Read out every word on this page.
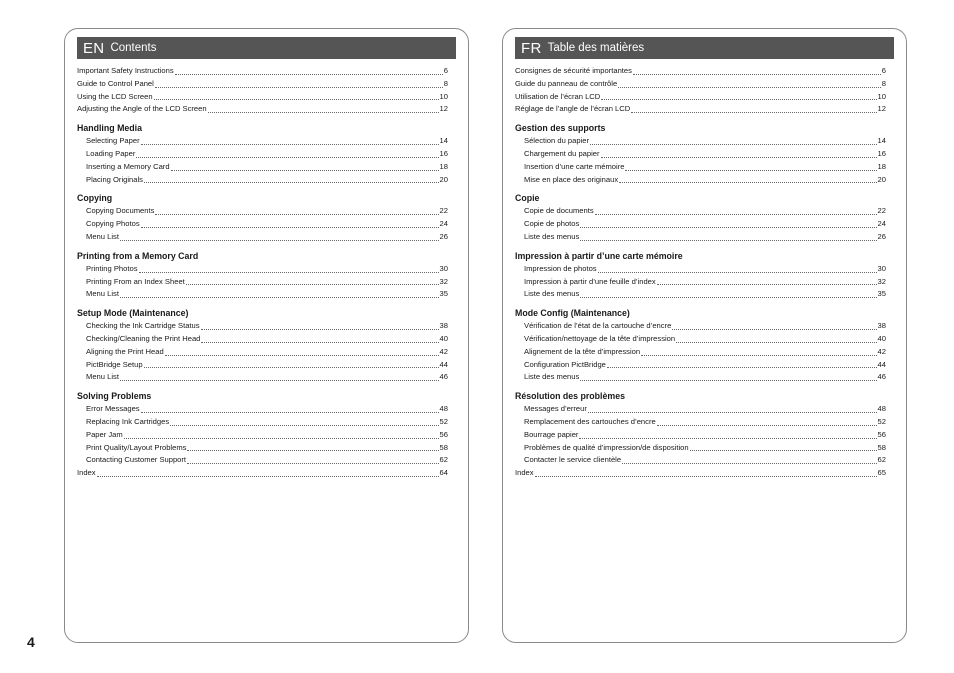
EN Contents
Important Safety Instructions	6
Guide to Control Panel	8
Using the LCD Screen	10
Adjusting the Angle of the LCD Screen	12
Handling Media
Selecting Paper	14
Loading Paper	16
Inserting a Memory Card	18
Placing Originals	20
Copying
Copying Documents	22
Copying Photos	24
Menu List	26
Printing from a Memory Card
Printing Photos	30
Printing From an Index Sheet	32
Menu List	35
Setup Mode (Maintenance)
Checking the Ink Cartridge Status	38
Checking/Cleaning the Print Head	40
Aligning the Print Head	42
PictBridge Setup	44
Menu List	46
Solving Problems
Error Messages	48
Replacing Ink Cartridges	52
Paper Jam	56
Print Quality/Layout Problems	58
Contacting Customer Support	62
Index	64
FR Table des matières
Consignes de sécurité importantes	6
Guide du panneau de contrôle	8
Utilisation de l’écran LCD	10
Réglage de l’angle de l’écran LCD	12
Gestion des supports
Sélection du papier	14
Chargement du papier	16
Insertion d’une carte mémoire	18
Mise en place des originaux	20
Copie
Copie de documents	22
Copie de photos	24
Liste des menus	26
Impression à partir d’une carte mémoire
Impression de photos	30
Impression à partir d’une feuille d’index	32
Liste des menus	35
Mode Config (Maintenance)
Vérification de l’état de la cartouche d’encre	38
Vérification/nettoyage de la tête d’impression	40
Alignement de la tête d’impression	42
Configuration PictBridge	44
Liste des menus	46
Résolution des problèmes
Messages d’erreur	48
Remplacement des cartouches d’encre	52
Bourrage papier	56
Problèmes de qualité d’impression/de disposition	58
Contacter le service clientèle	62
Index	65
4
